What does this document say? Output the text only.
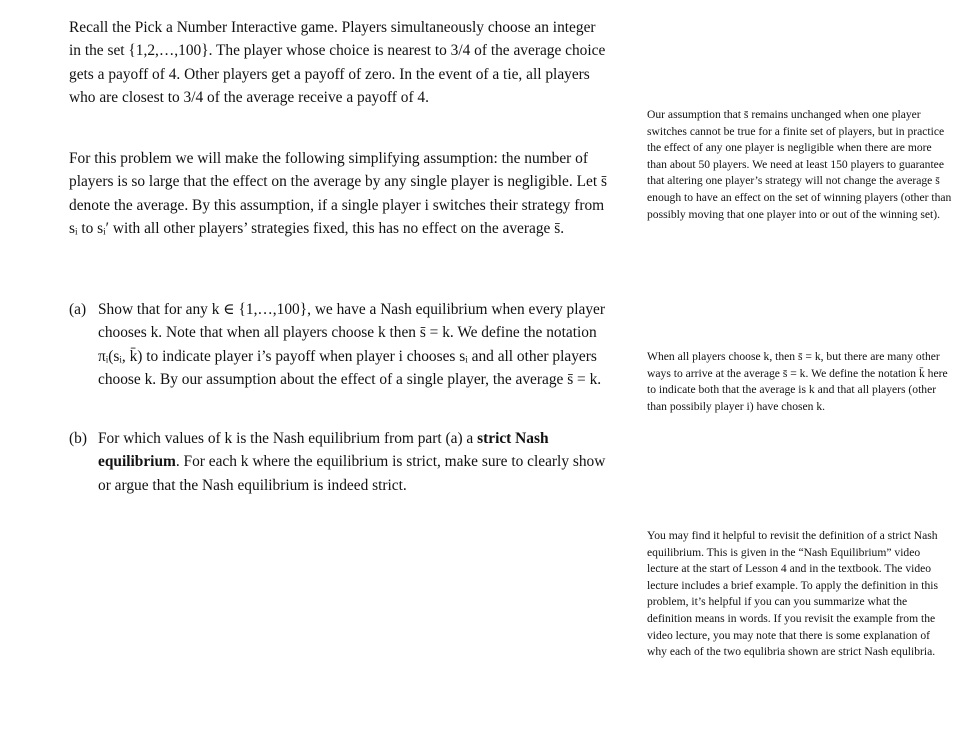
Recall the Pick a Number Interactive game. Players simultaneously choose an integer in the set {1,2,…,100}. The player whose choice is nearest to 3/4 of the average choice gets a payoff of 4. Other players get a payoff of zero. In the event of a tie, all players who are closest to 3/4 of the average receive a payoff of 4.

For this problem we will make the following simplifying assumption: the number of players is so large that the effect on the average by any single player is negligible. Let s̄ denote the average. By this assumption, if a single player i switches their strategy from sᵢ to sᵢ′ with all other players’ strategies fixed, this has no effect on the average s̄.

(a) Show that for any k ∈ {1,…,100}, we have a Nash equilibrium when every player chooses k. Note that when all players choose k then s̄ = k. We define the notation πᵢ(sᵢ, k̄) to indicate player i’s payoff when player i chooses sᵢ and all other players choose k. By our assumption about the effect of a single player, the average s̄ = k.
(b) For which values of k is the Nash equilibrium from part (a) a strict Nash equilibrium. For each k where the equilibrium is strict, make sure to clearly show or argue that the Nash equilibrium is indeed strict.

Our assumption that s̄ remains unchanged when one player switches cannot be true for a finite set of players, but in practice the effect of any one player is negligible when there are more than about 50 players. We need at least 150 players to guarantee that altering one player’s strategy will not change the average s̄ enough to have an effect on the set of winning players (other than possibly moving that one player into or out of the winning set).

When all players choose k, then s̄ = k, but there are many other ways to arrive at the average s̄ = k. We define the notation k̄ here to indicate both that the average is k and that all players (other than possibily player i) have chosen k.

You may find it helpful to revisit the definition of a strict Nash equilibrium. This is given in the “Nash Equilibrium” video lecture at the start of Lesson 4 and in the textbook. The video lecture includes a brief example. To apply the definition in this problem, it’s helpful if you can you summarize what the definition means in words. If you revisit the example from the video lecture, you may note that there is some explanation of why each of the two equlibria shown are strict Nash equlibria.
